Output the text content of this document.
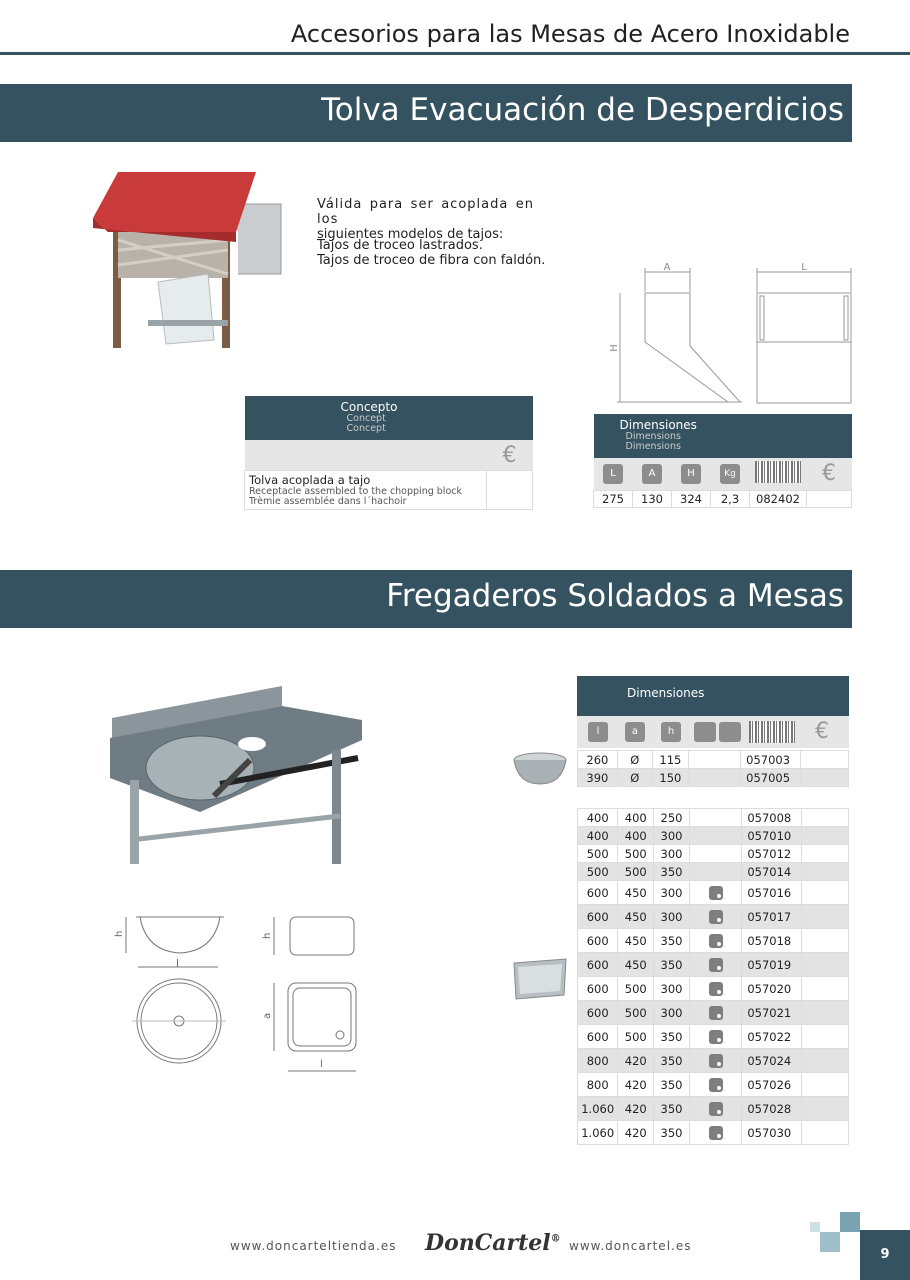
Accesorios para las Mesas de Acero Inoxidable
Tolva Evacuación de Desperdicios
Válida para ser acoplada en los
siguientes modelos de tajos:
Tajos de troceo lastrados.
Tajos de troceo de fibra con faldón.	A	L
H
Concepto
Concept
Concept	

	€

Tolva acoplada a tajo
Receptacle assembled to the chopping block
Trèmie assemblée dans l´hachoir	

Dimensiones
Dimensions
Dimensions					

L	A	H	Kg		€
275	130	324	2,3	082402	
Fregaderos Soldados a Mesas
h
l
h
a
l
Dimensiones
l	a	h	€
260	Ø	115		057003	
390	Ø	150		057005	
400	400	250		057008	
400	400	300		057010	
500	500	300		057012	
500	500	350		057014	
600	450	300		057016	
600	450	300		057017	
600	450	350		057018	
600	450	350		057019	
600	500	300		057020	
600	500	300		057021	
600	500	350		057022	
800	420	350		057024	
800	420	350		057026	
1.060	420	350		057028	
1.060	420	350		057030	
www.doncarteltienda.es DonCartel® www.doncartel.es
9
